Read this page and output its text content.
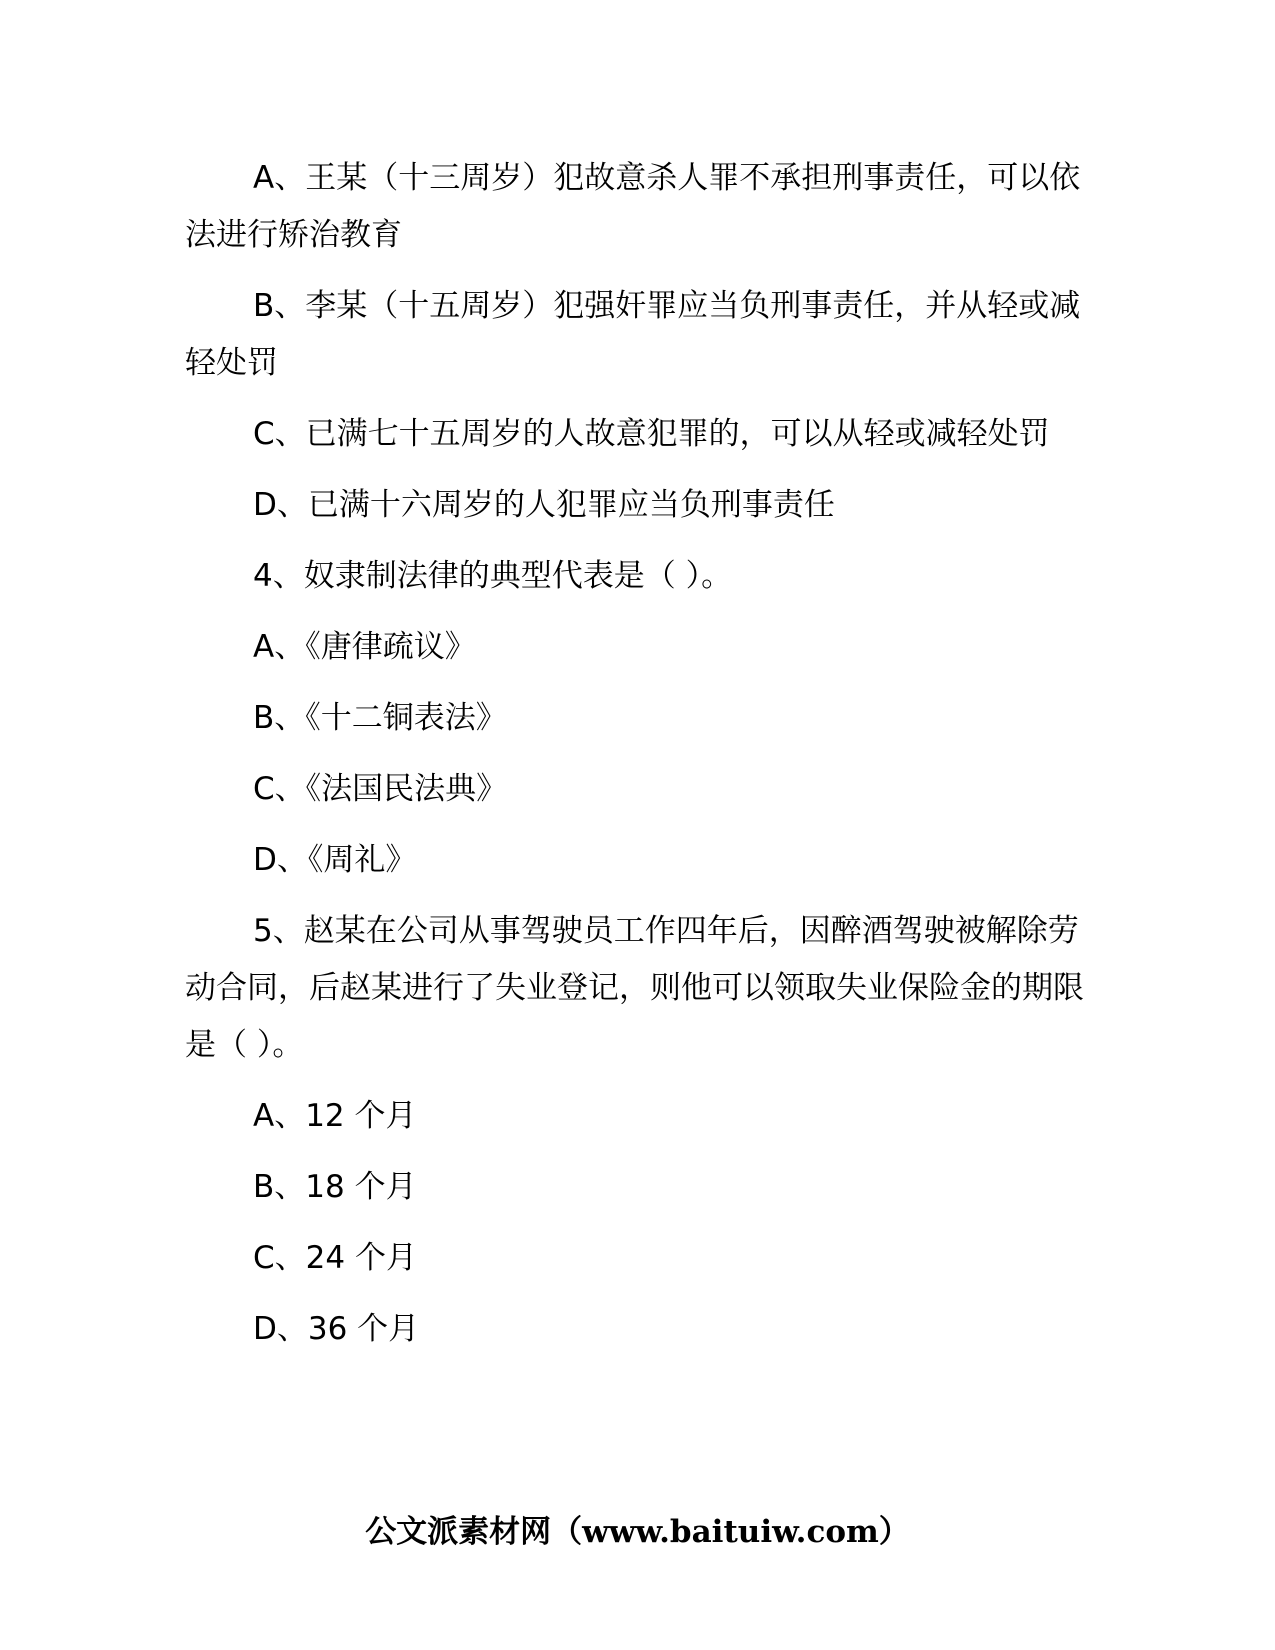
A、王某（十三周岁）犯故意杀人罪不承担刑事责任，可以依法进行矫治教育

B、李某（十五周岁）犯强奸罪应当负刑事责任，并从轻或减轻处罚

C、已满七十五周岁的人故意犯罪的，可以从轻或减轻处罚

D、已满十六周岁的人犯罪应当负刑事责任

4、奴隶制法律的典型代表是（ ）。

A、《唐律疏议》

B、《十二铜表法》

C、《法国民法典》

D、《周礼》

5、赵某在公司从事驾驶员工作四年后，因醉酒驾驶被解除劳动合同，后赵某进行了失业登记，则他可以领取失业保险金的期限是（ ）。

A、12 个月

B、18 个月

C、24 个月

D、36 个月

公文派素材网（www.baituiw.com）
